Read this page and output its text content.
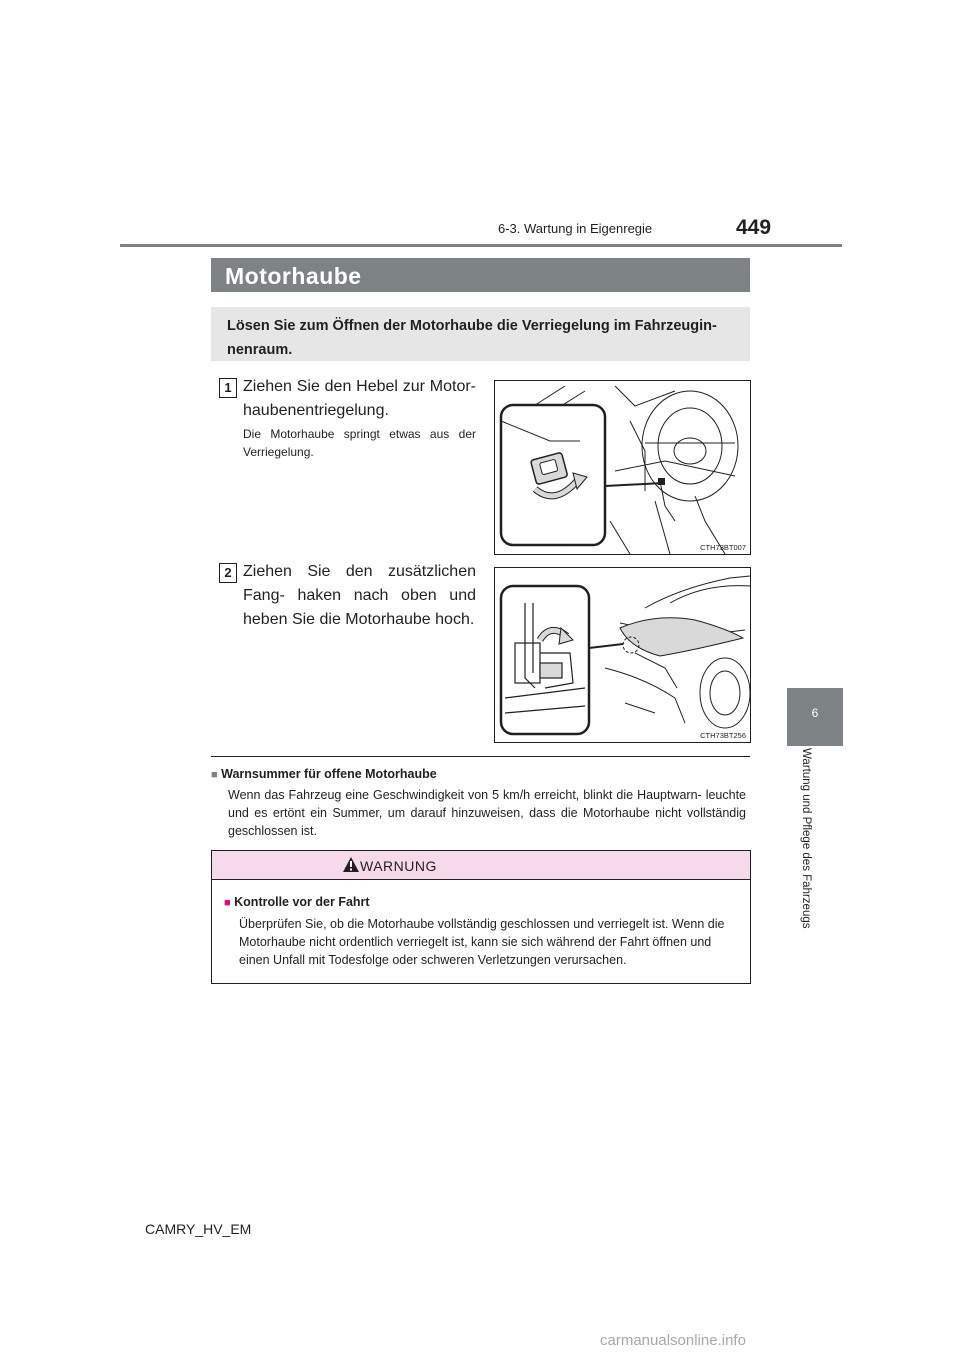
6-3. Wartung in Eigenregie	449
Motorhaube
Lösen Sie zum Öffnen der Motorhaube die Verriegelung im Fahrzeugin- nenraum.
1 Ziehen Sie den Hebel zur Motor- haubenentriegelung.
Die Motorhaube springt etwas aus der Verriegelung.
CTH73BT007
2 Ziehen Sie den zusätzlichen Fang- haken nach oben und heben Sie die Motorhaube hoch.
CTH73BT256
■ Warnsummer für offene Motorhaube
Wenn das Fahrzeug eine Geschwindigkeit von 5 km/h erreicht, blinkt die Hauptwarn- leuchte und es ertönt ein Summer, um darauf hinzuweisen, dass die Motorhaube nicht vollständig geschlossen ist.
WARNUNG
■ Kontrolle vor der Fahrt
Überprüfen Sie, ob die Motorhaube vollständig geschlossen und verriegelt ist. Wenn die Motorhaube nicht ordentlich verriegelt ist, kann sie sich während der Fahrt öffnen und einen Unfall mit Todesfolge oder schweren Verletzungen verursachen.
6
Wartung und Pflege des Fahrzeugs
CAMRY_HV_EM
carmanualsonline.info
